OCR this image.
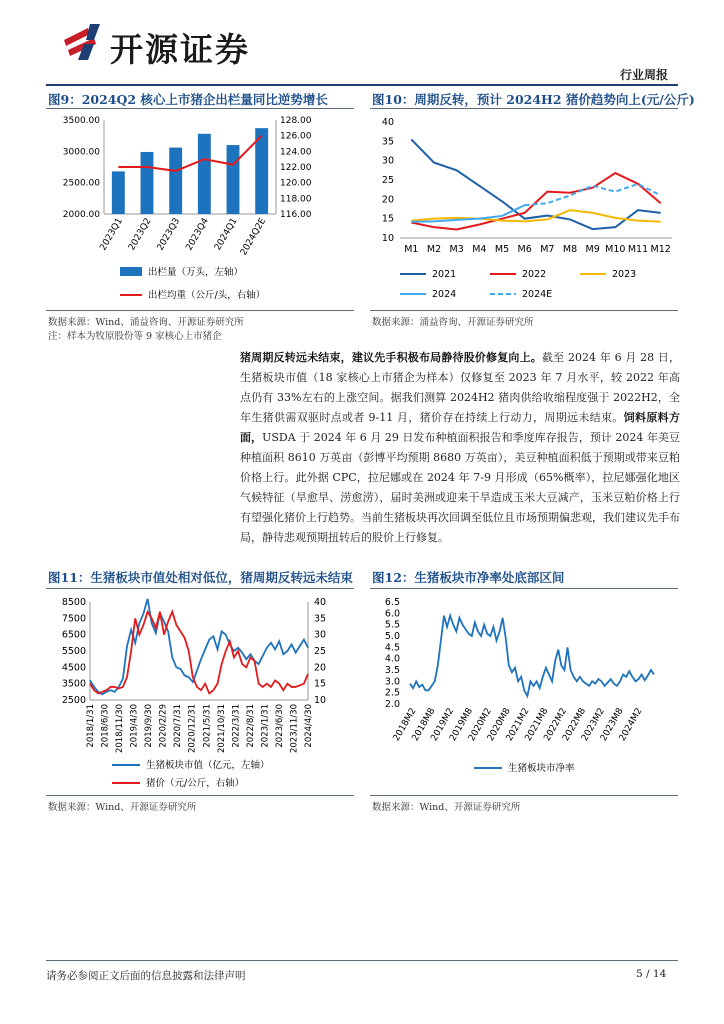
开源证券
行业周报
图9：2024Q2 核心上市猪企出栏量同比逆势增长
2000.00
2500.00
3000.00
3500.00
116.00
118.00
120.00
122.00
124.00
126.00
128.00
2023Q1 2023Q2 2023Q3 2023Q4 2024Q1 2024Q2E
出栏量（万头，左轴）
出栏均重（公斤/头，右轴）
数据来源：Wind、涌益咨询、开源证券研究所
注：样本为牧原股份等 9 家核心上市猪企
图10：周期反转，预计 2024H2 猪价趋势向上(元/公斤)
10
15
20
25
30
35
40
M1 M2 M3 M4 M5 M6 M7 M8 M9 M10 M11 M12
2021	2022	2023
2024	2024E
数据来源：涌益咨询、开源证券研究所
猪周期反转远未结束，建议先手积极布局静待股价修复向上。截至 2024 年 6 月 28 日，生猪板块市值（18 家核心上市猪企为样本）仅修复至 2023 年 7 月水平，较 2022 年高点仍有 33%左右的上涨空间。据我们测算 2024H2 猪肉供给收缩程度强于 2022H2，全年生猪供需双驱时点或者 9-11 月，猪价存在持续上行动力，周期远未结束。饲料原料方面，USDA 于 2024 年 6 月 29 日发布种植面积报告和季度库存报告，预计 2024 年美豆种植面积 8610 万英亩（彭博平均预期 8680 万英亩），美豆种植面积低于预期或带来豆粕价格上行。此外据 CPC，拉尼娜或在 2024 年 7-9 月形成（65%概率），拉尼娜强化地区气候特征（旱愈旱、涝愈涝），届时美洲或迎来干旱造成玉米大豆减产，玉米豆粕价格上行有望强化猪价上行趋势。当前生猪板块再次回调至低位且市场预期偏悲观，我们建议先手布局，静待悲观预期扭转后的股价上行修复。
图11：生猪板块市值处相对低位，猪周期反转远未结束
2500
3500
4500
5500
6500
7500
8500
10
15
20
25
30
35
40
2018/1/31 2018/6/30 2018/11/30 2019/4/30 2019/9/30 2020/2/29 2020/7/31 2020/12/31 2021/5/31 2021/10/31 2022/3/31 2022/8/31 2023/1/31 2023/6/30 2023/11/30 2024/4/30
生猪板块市值（亿元，左轴）
猪价（元/公斤，右轴）
数据来源：Wind、开源证券研究所
图12：生猪板块市净率处底部区间
2.0
2.5
3.0
3.5
4.0
4.5
5.0
5.5
6.0
6.5
2018M2
2018M8
2019M2
2019M8
2020M2
2020M8
2021M2
2021M8
2022M2
2022M8
2023M2
2023M8
2024M2
生猪板块市净率
数据来源：Wind、开源证券研究所
请务必参阅正文后面的信息披露和法律声明	5 / 14
